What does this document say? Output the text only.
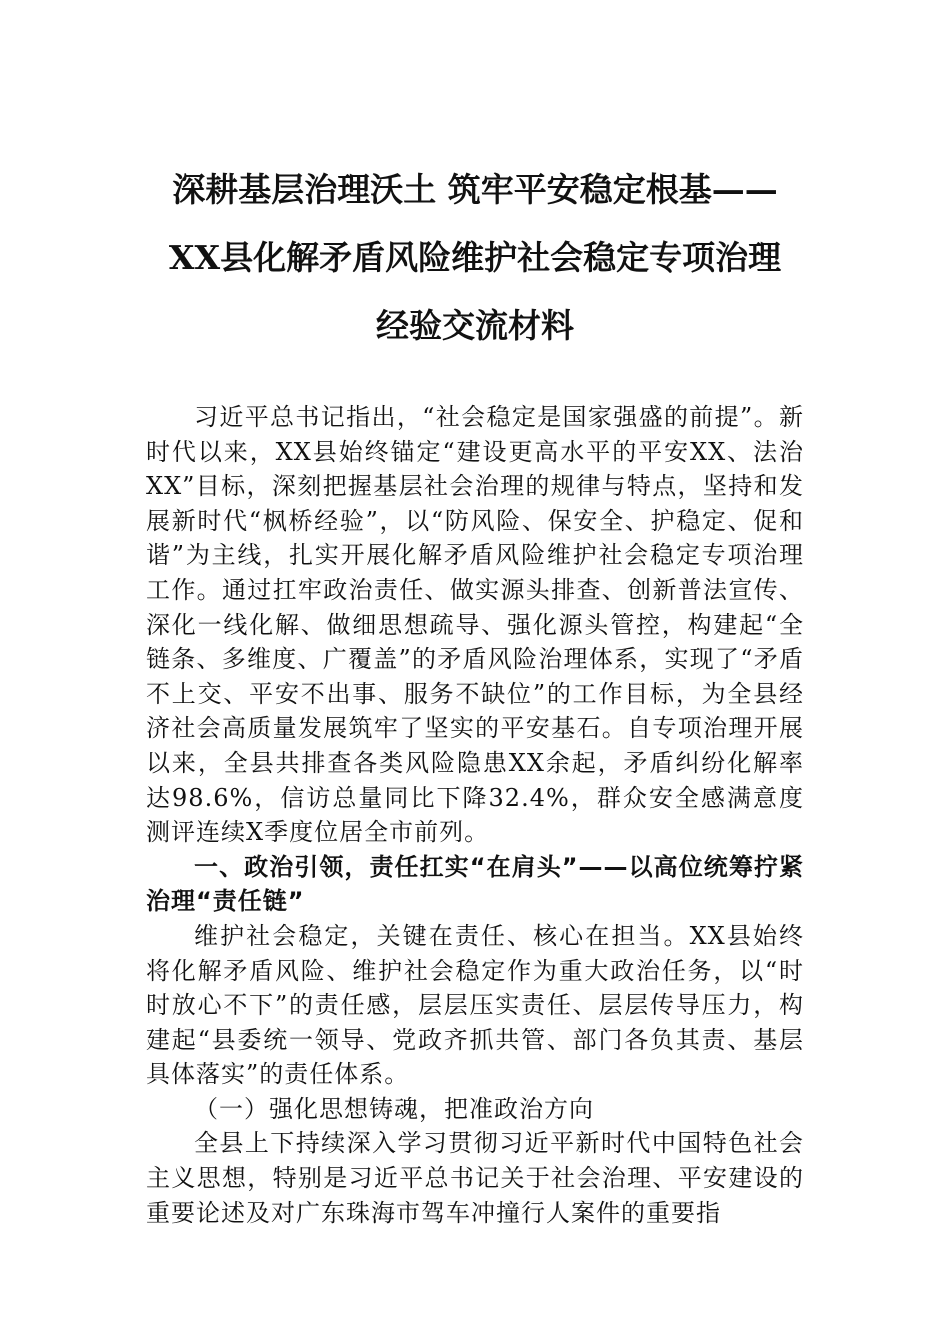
深耕基层治理沃土 筑牢平安稳定根基——
XX县化解矛盾风险维护社会稳定专项治理
经验交流材料

习近平总书记指出，“社会稳定是国家强盛的前提”。新时代以来，XX县始终锚定“建设更高水平的平安XX、法治XX”目标，深刻把握基层社会治理的规律与特点，坚持和发展新时代“枫桥经验”，以“防风险、保安全、护稳定、促和谐”为主线，扎实开展化解矛盾风险维护社会稳定专项治理工作。通过扛牢政治责任、做实源头排查、创新普法宣传、深化一线化解、做细思想疏导、强化源头管控，构建起“全链条、多维度、广覆盖”的矛盾风险治理体系，实现了“矛盾不上交、平安不出事、服务不缺位”的工作目标，为全县经济社会高质量发展筑牢了坚实的平安基石。自专项治理开展以来，全县共排查各类风险隐患XX余起，矛盾纠纷化解率达98.6%，信访总量同比下降32.4%，群众安全感满意度测评连续X季度位居全市前列。

一、政治引领，责任扛实“在肩头”——以高位统筹拧紧治理“责任链”

维护社会稳定，关键在责任、核心在担当。XX县始终将化解矛盾风险、维护社会稳定作为重大政治任务，以“时时放心不下”的责任感，层层压实责任、层层传导压力，构建起“县委统一领导、党政齐抓共管、部门各负其责、基层具体落实”的责任体系。

（一）强化思想铸魂，把准政治方向

全县上下持续深入学习贯彻习近平新时代中国特色社会主义思想，特别是习近平总书记关于社会治理、平安建设的重要论述及对广东珠海市驾车冲撞行人案件的重要指
